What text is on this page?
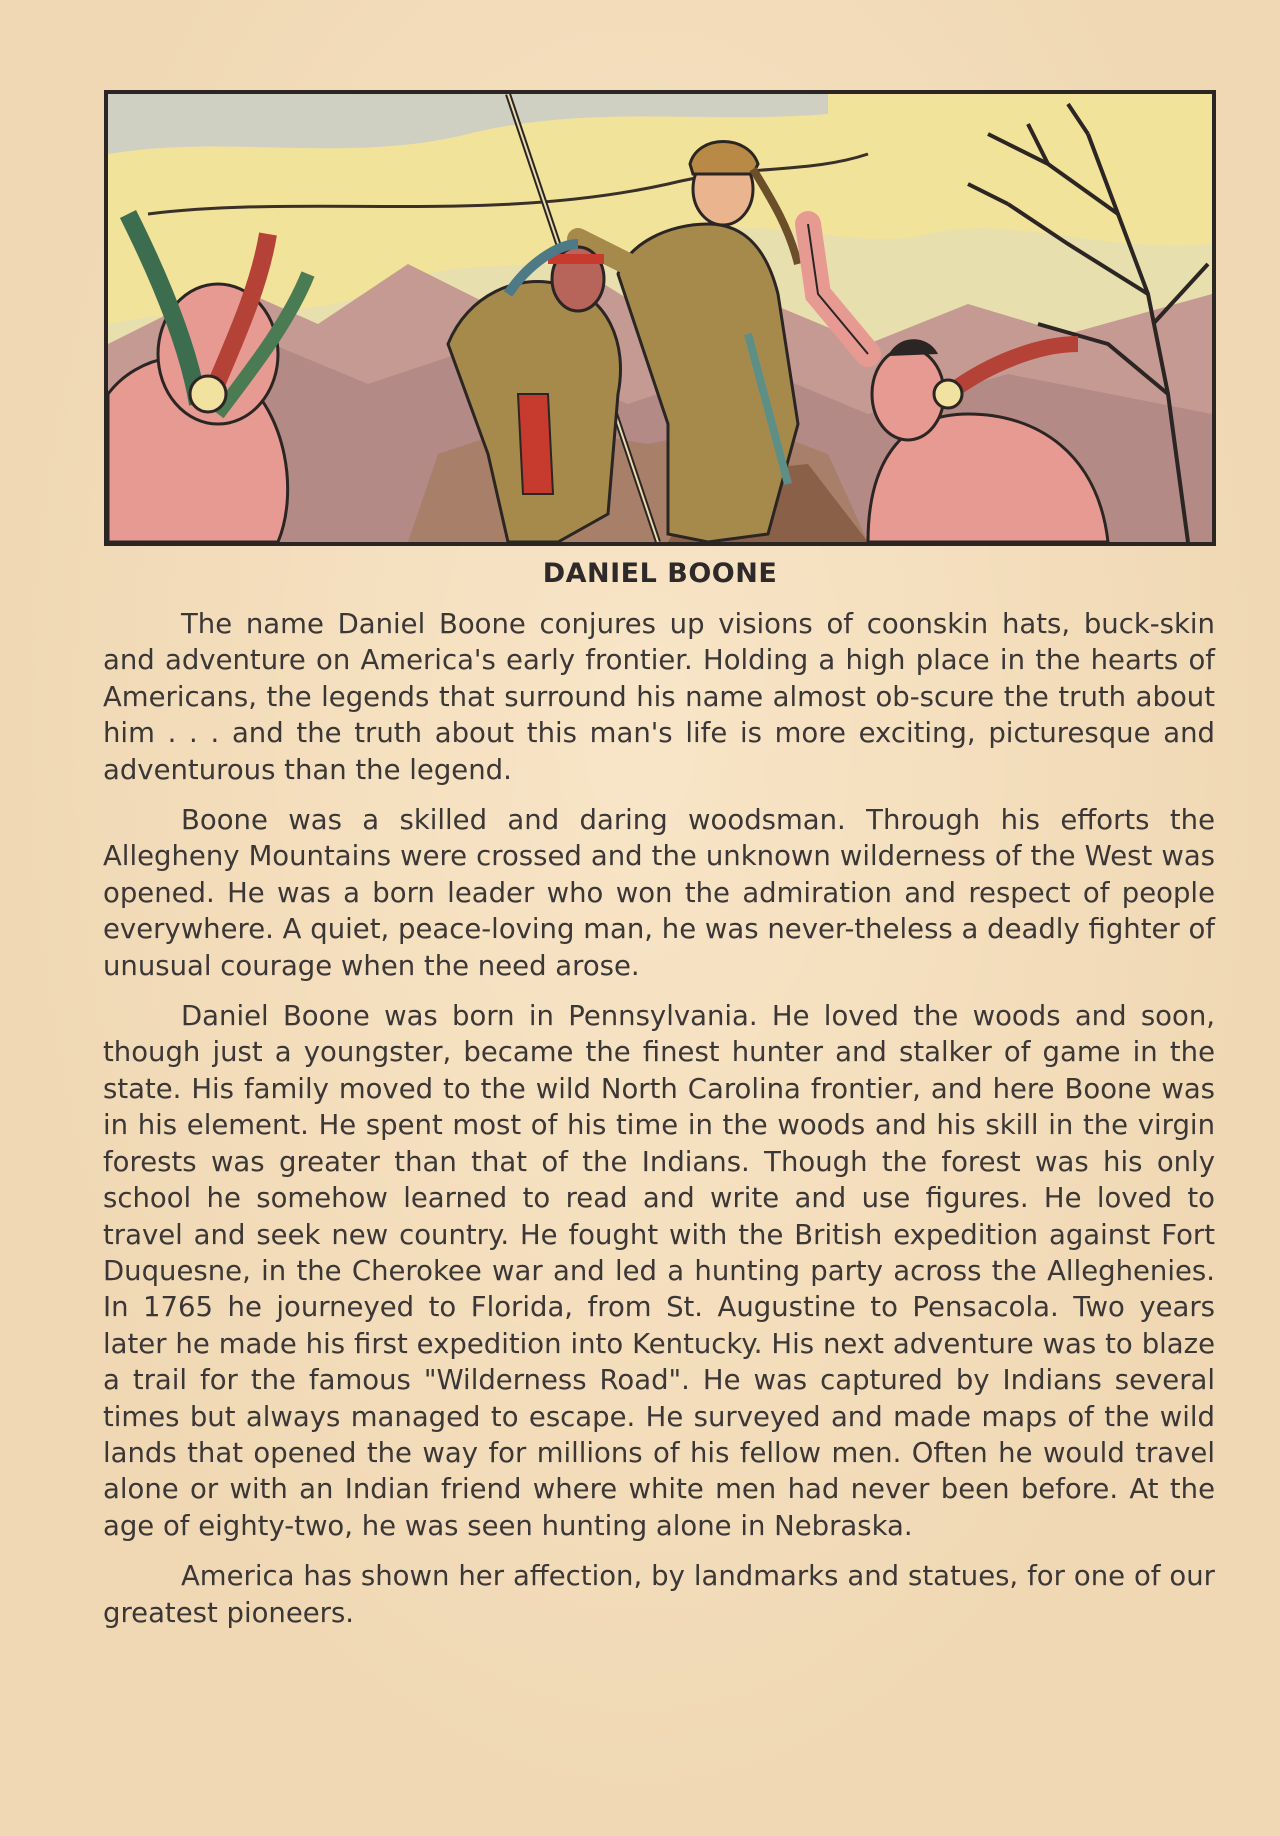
DANIEL BOONE

The name Daniel Boone conjures up visions of coonskin hats, buck-skin and adventure on America's early frontier. Holding a high place in the hearts of Americans, the legends that surround his name almost ob-scure the truth about him . . . and the truth about this man's life is more exciting, picturesque and adventurous than the legend.

Boone was a skilled and daring woodsman. Through his efforts the Allegheny Mountains were crossed and the unknown wilderness of the West was opened. He was a born leader who won the admiration and respect of people everywhere. A quiet, peace-loving man, he was never-theless a deadly fighter of unusual courage when the need arose.

Daniel Boone was born in Pennsylvania. He loved the woods and soon, though just a youngster, became the finest hunter and stalker of game in the state. His family moved to the wild North Carolina frontier, and here Boone was in his element. He spent most of his time in the woods and his skill in the virgin forests was greater than that of the Indians. Though the forest was his only school he somehow learned to read and write and use figures. He loved to travel and seek new country. He fought with the British expedition against Fort Duquesne, in the Cherokee war and led a hunting party across the Alleghenies. In 1765 he journeyed to Florida, from St. Augustine to Pensacola. Two years later he made his first expedition into Kentucky. His next adventure was to blaze a trail for the famous "Wilderness Road". He was captured by Indians several times but always managed to escape. He surveyed and made maps of the wild lands that opened the way for millions of his fellow men. Often he would travel alone or with an Indian friend where white men had never been before. At the age of eighty-two, he was seen hunting alone in Nebraska.

America has shown her affection, by landmarks and statues, for one of our greatest pioneers.
